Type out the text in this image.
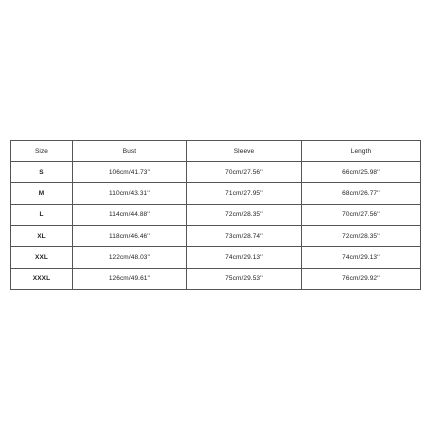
Size	Bust	Sleeve	Length
S	106cm/41.73''	70cm/27.56''	66cm/25.98''
M	110cm/43.31''	71cm/27.95''	68cm/26.77''
L	114cm/44.88''	72cm/28.35''	70cm/27.56''
XL	118cm/46.46''	73cm/28.74''	72cm/28.35''
XXL	122cm/48.03''	74cm/29.13''	74cm/29.13''
XXXL	126cm/49.61''	75cm/29.53''	76cm/29.92''
